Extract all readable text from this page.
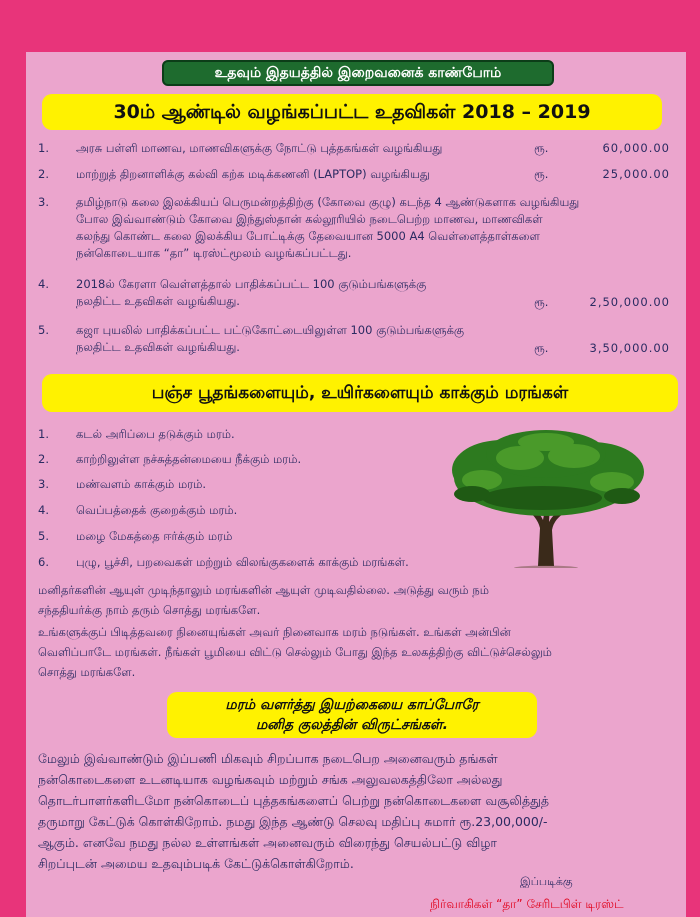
உதவும் இதயத்தில் இறைவனைக் காண்போம்
30ம் ஆண்டில் வழங்கப்பட்ட உதவிகள் 2018 – 2019
1.	அரசு பள்ளி மாணவ, மாணவிகளுக்கு நோட்டு புத்தகங்கள் வழங்கியது	ரூ.	60,000.00
2.	மாற்றுத் திறனாளிக்கு கல்வி கற்க மடிக்கணனி (LAPTOP) வழங்கியது	ரூ.	25,000.00
3.	தமிழ்நாடு கலை இலக்கியப் பெருமன்றத்திற்கு (கோவை குழு) கடந்த 4 ஆண்டுகளாக வழங்கியது
போல இவ்வாண்டும் கோவை இந்துஸ்தான் கல்லூரியில் நடைபெற்ற மாணவ, மாணவிகள்
கலந்து கொண்ட கலை இலக்கிய போட்டிக்கு தேவையான 5000 A4 வெள்ளைத்தாள்களை
நன்கொடையாக “தா” டிரஸ்ட்மூலம் வழங்கப்பட்டது.
4.	2018ல் கேரளா வெள்ளத்தால் பாதிக்கப்பட்ட 100 குடும்பங்களுக்கு
நலதிட்ட உதவிகள் வழங்கியது.	ரூ.	2,50,000.00
5.	கஜா புயலில் பாதிக்கப்பட்ட பட்டுகோட்டையிலுள்ள 100 குடும்பங்களுக்கு
நலதிட்ட உதவிகள் வழங்கியது.	ரூ.	3,50,000.00
பஞ்ச பூதங்களையும், உயிர்களையும் காக்கும் மரங்கள்
1.	கடல் அரிப்பை தடுக்கும் மரம்.
2.	காற்றிலுள்ள நச்சுத்தன்மையை நீக்கும் மரம்.
3.	மண்வளம் காக்கும் மரம்.
4.	வெப்பத்தைக் குறைக்கும் மரம்.
5.	மழை மேகத்தை ஈர்க்கும் மரம்
6.	புழு, பூச்சி, பறவைகள் மற்றும் விலங்குகளைக் காக்கும் மரங்கள்.
மனிதர்களின் ஆயுள் முடிந்தாலும் மரங்களின் ஆயுள் முடிவதில்லை. அடுத்து வரும் நம்
சந்ததியர்க்கு நாம் தரும் சொத்து மரங்களே.
உங்களுக்குப் பிடித்தவரை நினையுங்கள் அவர் நினைவாக மரம் நடுங்கள். உங்கள் அன்பின்
வெளிப்பாடே மரங்கள். நீங்கள் பூமியை விட்டு செல்லும் போது இந்த உலகத்திற்கு விட்டுச்செல்லும்
சொத்து மரங்களே.
மரம் வளர்த்து இயற்கையை காப்போரே
மனித குலத்தின் விருட்சங்கள்.
மேலும் இவ்வாண்டும் இப்பணி மிகவும் சிறப்பாக நடைபெற அனைவரும் தங்கள்
நன்கொடைகளை உடனடியாக வழங்கவும் மற்றும் சங்க அலுவலகத்திலோ அல்லது
தொடர்பாளர்களிடமோ நன்கொடைப் புத்தகங்களைப் பெற்று நன்கொடைகளை வசூலித்துத்
தருமாறு கேட்டுக் கொள்கிறோம். நமது இந்த ஆண்டு செலவு மதிப்பு சுமார் ரூ.23,00,000/-
ஆகும். எனவே நமது நல்ல உள்ளங்கள் அனைவரும் விரைந்து செயல்பட்டு விழா
சிறப்புடன் அமைய உதவும்படிக் கேட்டுக்கொள்கிறோம்.
இப்படிக்கு
நிர்வாகிகள் “தா” சேரிடபிள் டிரஸ்ட்
